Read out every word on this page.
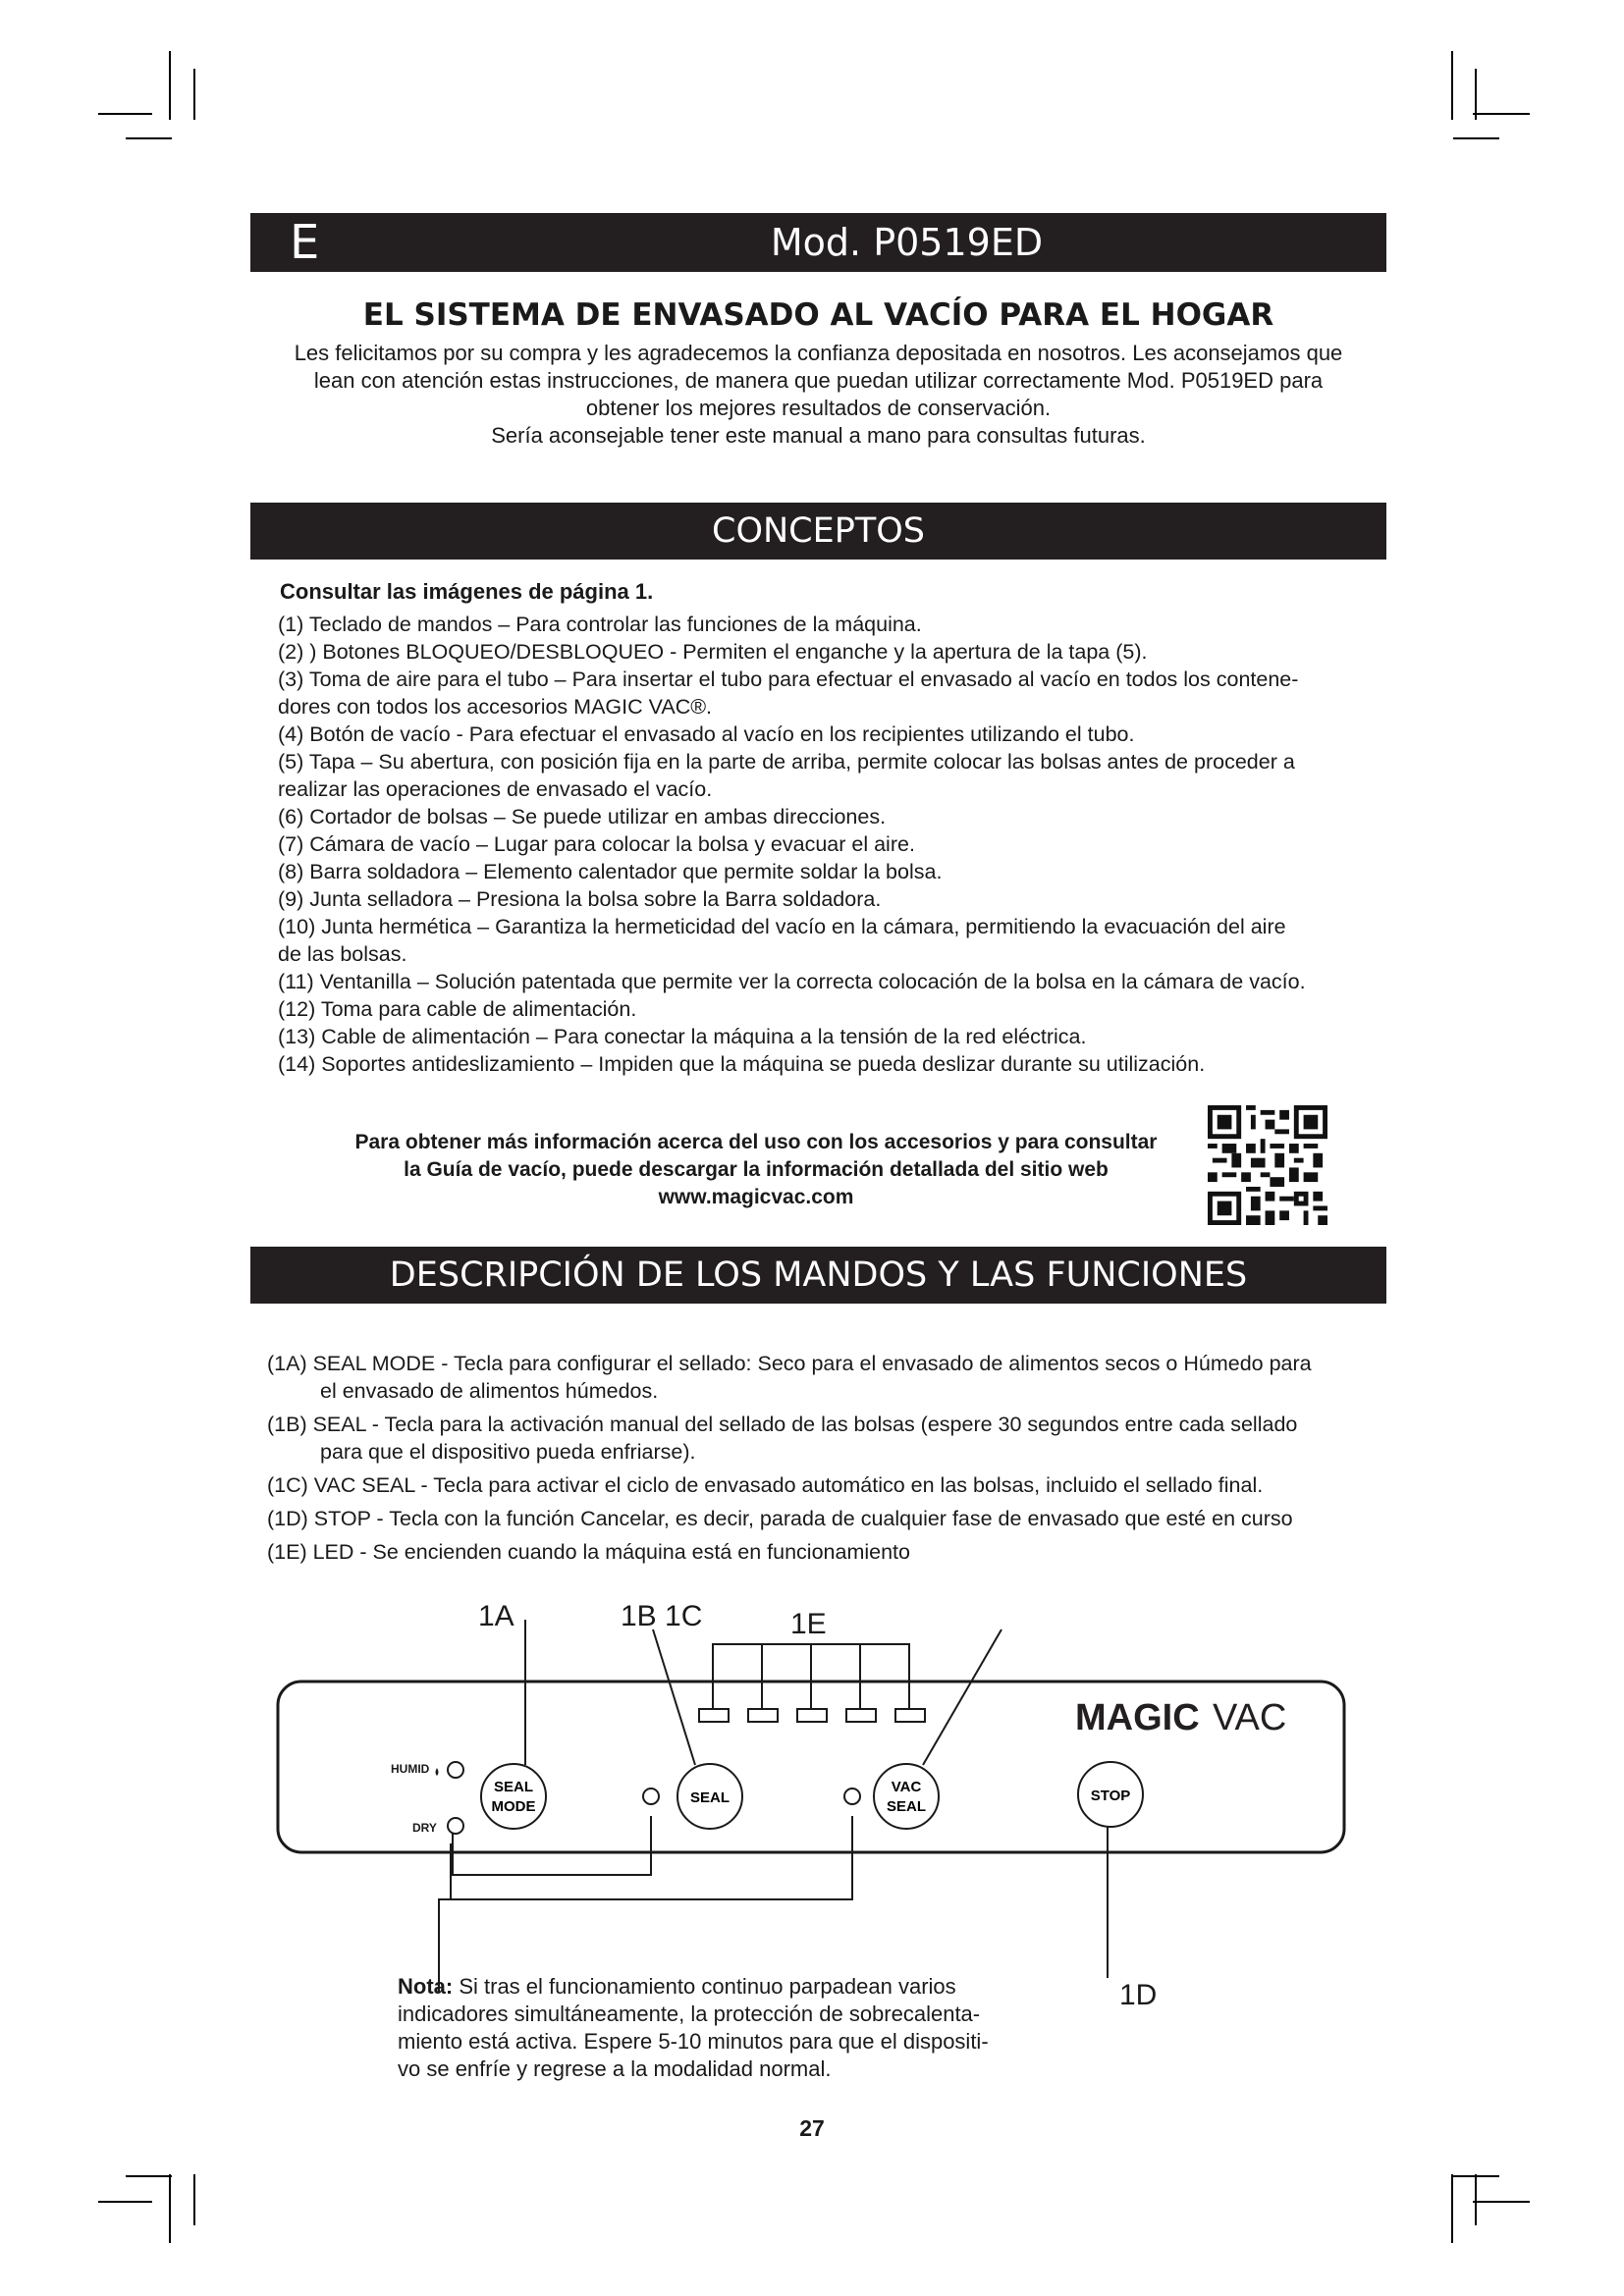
E	Mod. P0519ED
EL SISTEMA DE ENVASADO AL VACÍO PARA EL HOGAR
Les felicitamos por su compra y les agradecemos la confianza depositada en nosotros. Les aconsejamos que
lean con atención estas instrucciones, de manera que puedan utilizar correctamente Mod. P0519ED para
obtener los mejores resultados de conservación.
Sería aconsejable tener este manual a mano para consultas futuras.
CONCEPTOS
Consultar las imágenes de página 1.
(1) Teclado de mandos – Para controlar las funciones de la máquina.
(2) ) Botones BLOQUEO/DESBLOQUEO - Permiten el enganche y la apertura de la tapa (5).
(3) Toma de aire para el tubo – Para insertar el tubo para efectuar el envasado al vacío en todos los contene-
dores con todos los accesorios MAGIC VAC®.
(4) Botón de vacío - Para efectuar el envasado al vacío en los recipientes utilizando el tubo.
(5) Tapa – Su abertura, con posición fija en la parte de arriba, permite colocar las bolsas antes de proceder a
realizar las operaciones de envasado el vacío.
(6) Cortador de bolsas – Se puede utilizar en ambas direcciones.
(7) Cámara de vacío – Lugar para colocar la bolsa y evacuar el aire.
(8) Barra soldadora – Elemento calentador que permite soldar la bolsa.
(9) Junta selladora – Presiona la bolsa sobre la Barra soldadora.
(10) Junta hermética – Garantiza la hermeticidad del vacío en la cámara, permitiendo la evacuación del aire
de las bolsas.
(11) Ventanilla – Solución patentada que permite ver la correcta colocación de la bolsa en la cámara de vacío.
(12) Toma para cable de alimentación.
(13) Cable de alimentación – Para conectar la máquina a la tensión de la red eléctrica.
(14) Soportes antideslizamiento – Impiden que la máquina se pueda deslizar durante su utilización.
Para obtener más información acerca del uso con los accesorios y para consultar
la Guía de vacío, puede descargar la información detallada del sitio web
www.magicvac.com
DESCRIPCIÓN DE LOS MANDOS Y LAS FUNCIONES
(1A) SEAL MODE - Tecla para configurar el sellado: Seco para el envasado de alimentos secos o Húmedo para
el envasado de alimentos húmedos.
(1B) SEAL - Tecla para la activación manual del sellado de las bolsas (espere 30 segundos entre cada sellado
para que el dispositivo pueda enfriarse).
(1C) VAC SEAL - Tecla para activar el ciclo de envasado automático en las bolsas, incluido el sellado final.
(1D) STOP - Tecla con la función Cancelar, es decir, parada de cualquier fase de envasado que esté en curso
(1E) LED - Se encienden cuando la máquina está en funcionamiento
1A	1B 1C	1E
1D
MAGIC VAC
HUMID
DRY
SEAL
MODE
SEAL
VAC
SEAL
STOP
Nota: Si tras el funcionamiento continuo parpadean varios
indicadores simultáneamente, la protección de sobrecalenta-
miento está activa. Espere 5-10 minutos para que el dispositi-
vo se enfríe y regrese a la modalidad normal.
27
